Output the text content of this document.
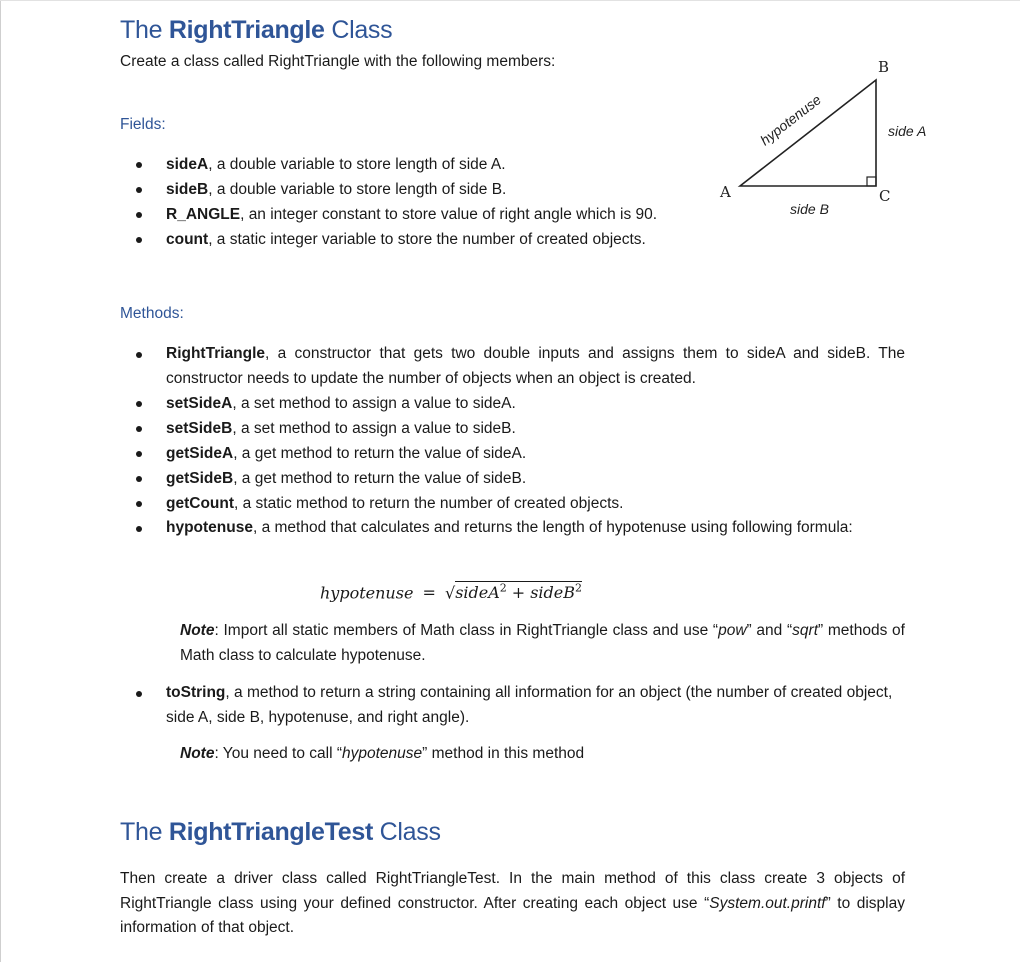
The RightTriangle Class
Create a class called RightTriangle with the following members:
Fields:
sideA, a double variable to store length of side A.
sideB, a double variable to store length of side B.
R_ANGLE, an integer constant to store value of right angle which is 90.
count, a static integer variable to store the number of created objects.
A
B
C
hypotenuse	side A
side B
Methods:
RightTriangle, a constructor that gets two double inputs and assigns them to sideA and sideB. The constructor needs to update the number of objects when an object is created.
setSideA, a set method to assign a value to sideA.
setSideB, a set method to assign a value to sideB.
getSideA, a get method to return the value of sideA.
getSideB, a get method to return the value of sideB.
getCount, a static method to return the number of created objects.
hypotenuse, a method that calculates and returns the length of hypotenuse using following formula:
hypotenuse = √sideA$^2$ + sideB$^2$
Note: Import all static members of Math class in RightTriangle class and use “pow” and “sqrt” methods of Math class to calculate hypotenuse.
toString, a method to return a string containing all information for an object (the number of created object, side A, side B, hypotenuse, and right angle).
Note: You need to call “hypotenuse” method in this method
The RightTriangleTest Class
Then create a driver class called RightTriangleTest. In the main method of this class create 3 objects of RightTriangle class using your defined constructor. After creating each object use “System.out.printf” to display information of that object.
